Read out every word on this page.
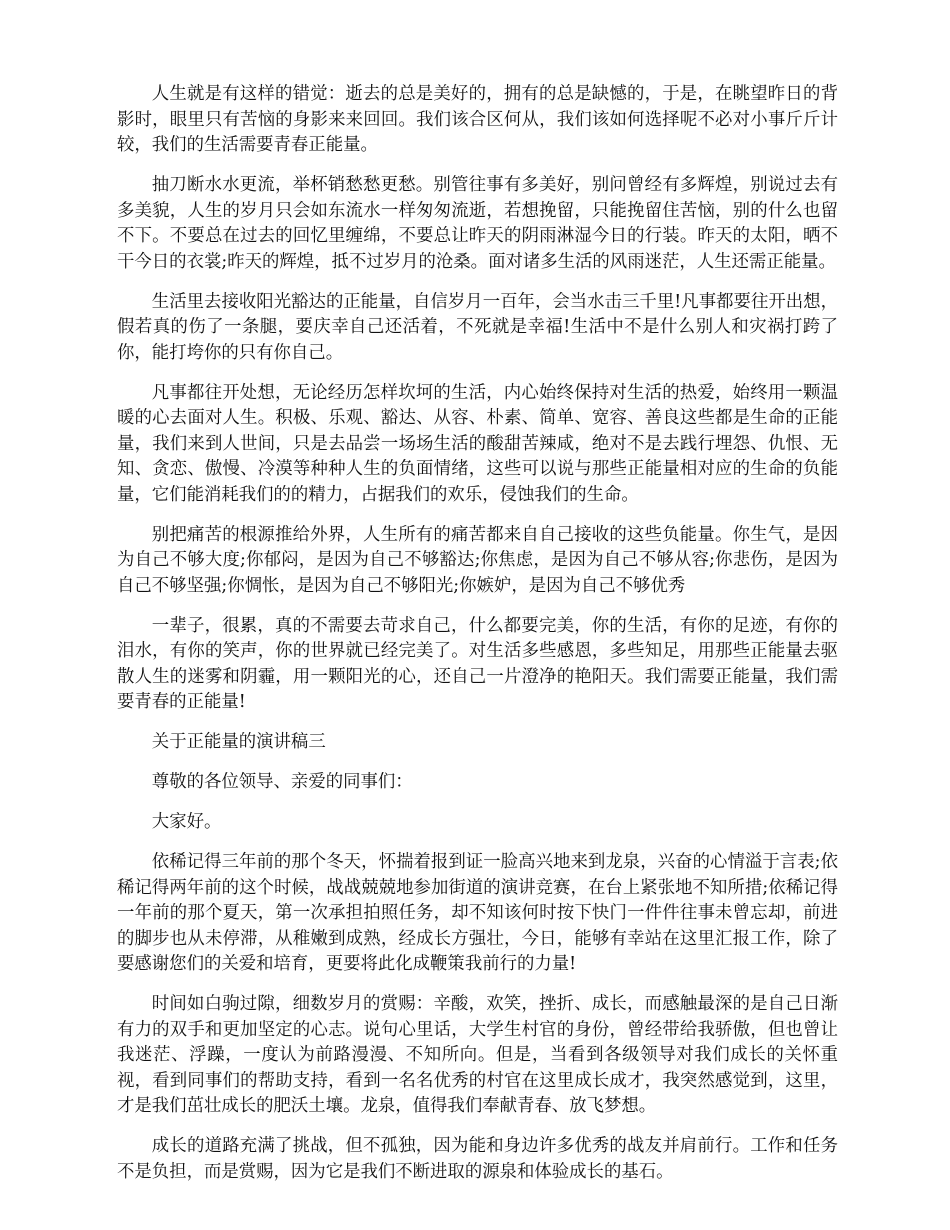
人生就是有这样的错觉：逝去的总是美好的，拥有的总是缺憾的，于是，在眺望昨日的背影时，眼里只有苦恼的身影来来回回。我们该合区何从，我们该如何选择呢不必对小事斤斤计较，我们的生活需要青春正能量。

抽刀断水水更流，举杯销愁愁更愁。别管往事有多美好，别问曾经有多辉煌，别说过去有多美貌，人生的岁月只会如东流水一样匆匆流逝，若想挽留，只能挽留住苦恼，别的什么也留不下。不要总在过去的回忆里缠绵，不要总让昨天的阴雨淋湿今日的行装。昨天的太阳，晒不干今日的衣裳;昨天的辉煌，抵不过岁月的沧桑。面对诸多生活的风雨迷茫，人生还需正能量。

生活里去接收阳光豁达的正能量，自信岁月一百年，会当水击三千里!凡事都要往开出想，假若真的伤了一条腿，要庆幸自己还活着，不死就是幸福!生活中不是什么别人和灾祸打跨了你，能打垮你的只有你自己。

凡事都往开处想，无论经历怎样坎坷的生活，内心始终保持对生活的热爱，始终用一颗温暖的心去面对人生。积极、乐观、豁达、从容、朴素、简单、宽容、善良这些都是生命的正能量，我们来到人世间，只是去品尝一场场生活的酸甜苦辣咸，绝对不是去践行埋怨、仇恨、无知、贪恋、傲慢、冷漠等种种人生的负面情绪，这些可以说与那些正能量相对应的生命的负能量，它们能消耗我们的的精力，占据我们的欢乐，侵蚀我们的生命。

别把痛苦的根源推给外界，人生所有的痛苦都来自自己接收的这些负能量。你生气，是因为自己不够大度;你郁闷，是因为自己不够豁达;你焦虑，是因为自己不够从容;你悲伤，是因为自己不够坚强;你惆怅，是因为自己不够阳光;你嫉妒，是因为自己不够优秀

一辈子，很累，真的不需要去苛求自己，什么都要完美，你的生活，有你的足迹，有你的泪水，有你的笑声，你的世界就已经完美了。对生活多些感恩，多些知足，用那些正能量去驱散人生的迷雾和阴霾，用一颗阳光的心，还自己一片澄净的艳阳天。我们需要正能量，我们需要青春的正能量!

关于正能量的演讲稿三

尊敬的各位领导、亲爱的同事们：

大家好。

依稀记得三年前的那个冬天，怀揣着报到证一脸高兴地来到龙泉，兴奋的心情溢于言表;依稀记得两年前的这个时候，战战兢兢地参加街道的演讲竞赛，在台上紧张地不知所措;依稀记得一年前的那个夏天，第一次承担拍照任务，却不知该何时按下快门一件件往事未曾忘却，前进的脚步也从未停滞，从稚嫩到成熟，经成长方强壮，今日，能够有幸站在这里汇报工作，除了要感谢您们的关爱和培育，更要将此化成鞭策我前行的力量!

时间如白驹过隙，细数岁月的赏赐：辛酸，欢笑，挫折、成长，而感触最深的是自己日渐有力的双手和更加坚定的心志。说句心里话，大学生村官的身份，曾经带给我骄傲，但也曾让我迷茫、浮躁，一度认为前路漫漫、不知所向。但是，当看到各级领导对我们成长的关怀重视，看到同事们的帮助支持，看到一名名优秀的村官在这里成长成才，我突然感觉到，这里，才是我们茁壮成长的肥沃土壤。龙泉，值得我们奉献青春、放飞梦想。

成长的道路充满了挑战，但不孤独，因为能和身边许多优秀的战友并肩前行。工作和任务不是负担，而是赏赐，因为它是我们不断进取的源泉和体验成长的基石。
